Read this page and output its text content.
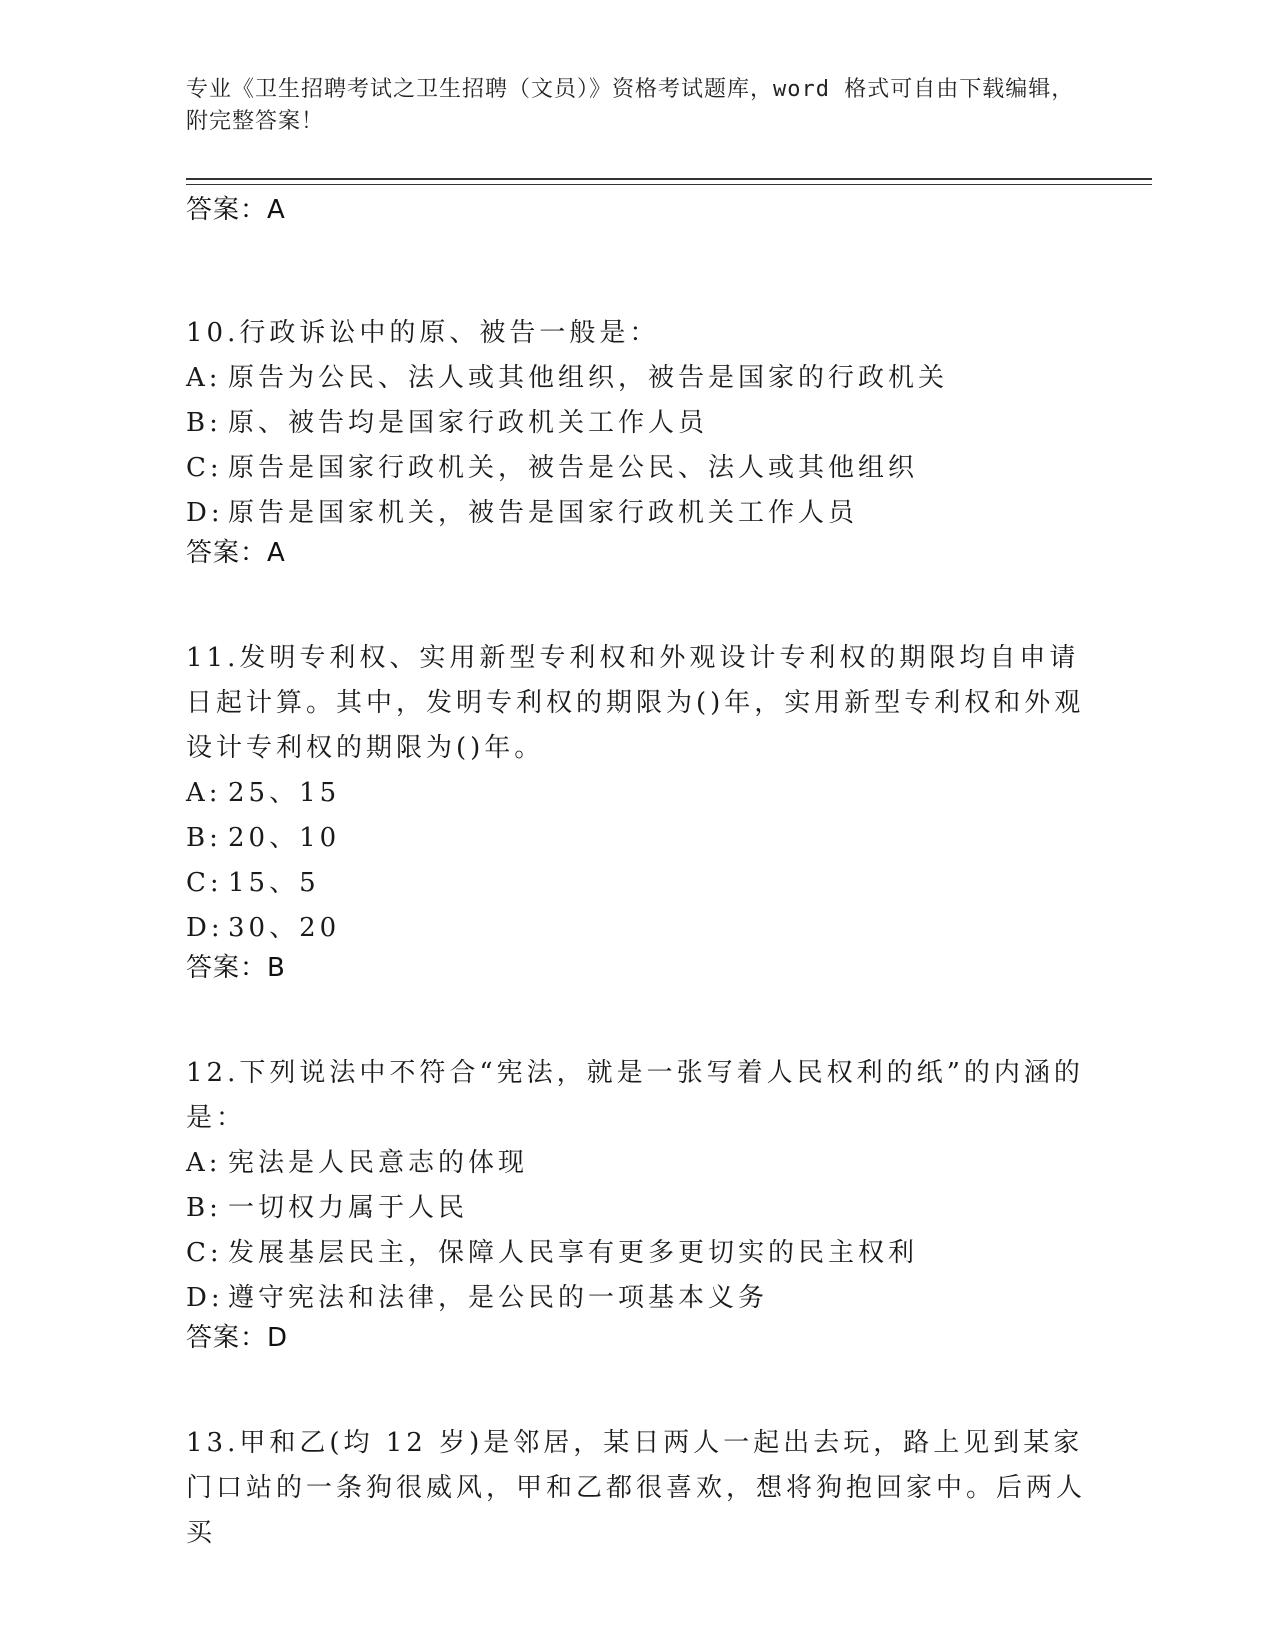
专业《卫生招聘考试之卫生招聘（文员）》资格考试题库，word 格式可自由下载编辑，附完整答案！

答案：A

10.行政诉讼中的原、被告一般是：

A: 原告为公民、法人或其他组织，被告是国家的行政机关

B: 原、被告均是国家行政机关工作人员

C: 原告是国家行政机关，被告是公民、法人或其他组织

D: 原告是国家机关，被告是国家行政机关工作人员

答案：A

11.发明专利权、实用新型专利权和外观设计专利权的期限均自申请日起计算。其中，发明专利权的期限为()年，实用新型专利权和外观设计专利权的期限为()年。

A: 25、15

B: 20、10

C: 15、5

D: 30、20

答案：B

12.下列说法中不符合“宪法，就是一张写着人民权利的纸”的内涵的是：

A: 宪法是人民意志的体现

B: 一切权力属于人民

C: 发展基层民主，保障人民享有更多更切实的民主权利

D: 遵守宪法和法律，是公民的一项基本义务

答案：D

13.甲和乙(均 12 岁)是邻居，某日两人一起出去玩，路上见到某家门口站的一条狗很威风，甲和乙都很喜欢，想将狗抱回家中。后两人买
